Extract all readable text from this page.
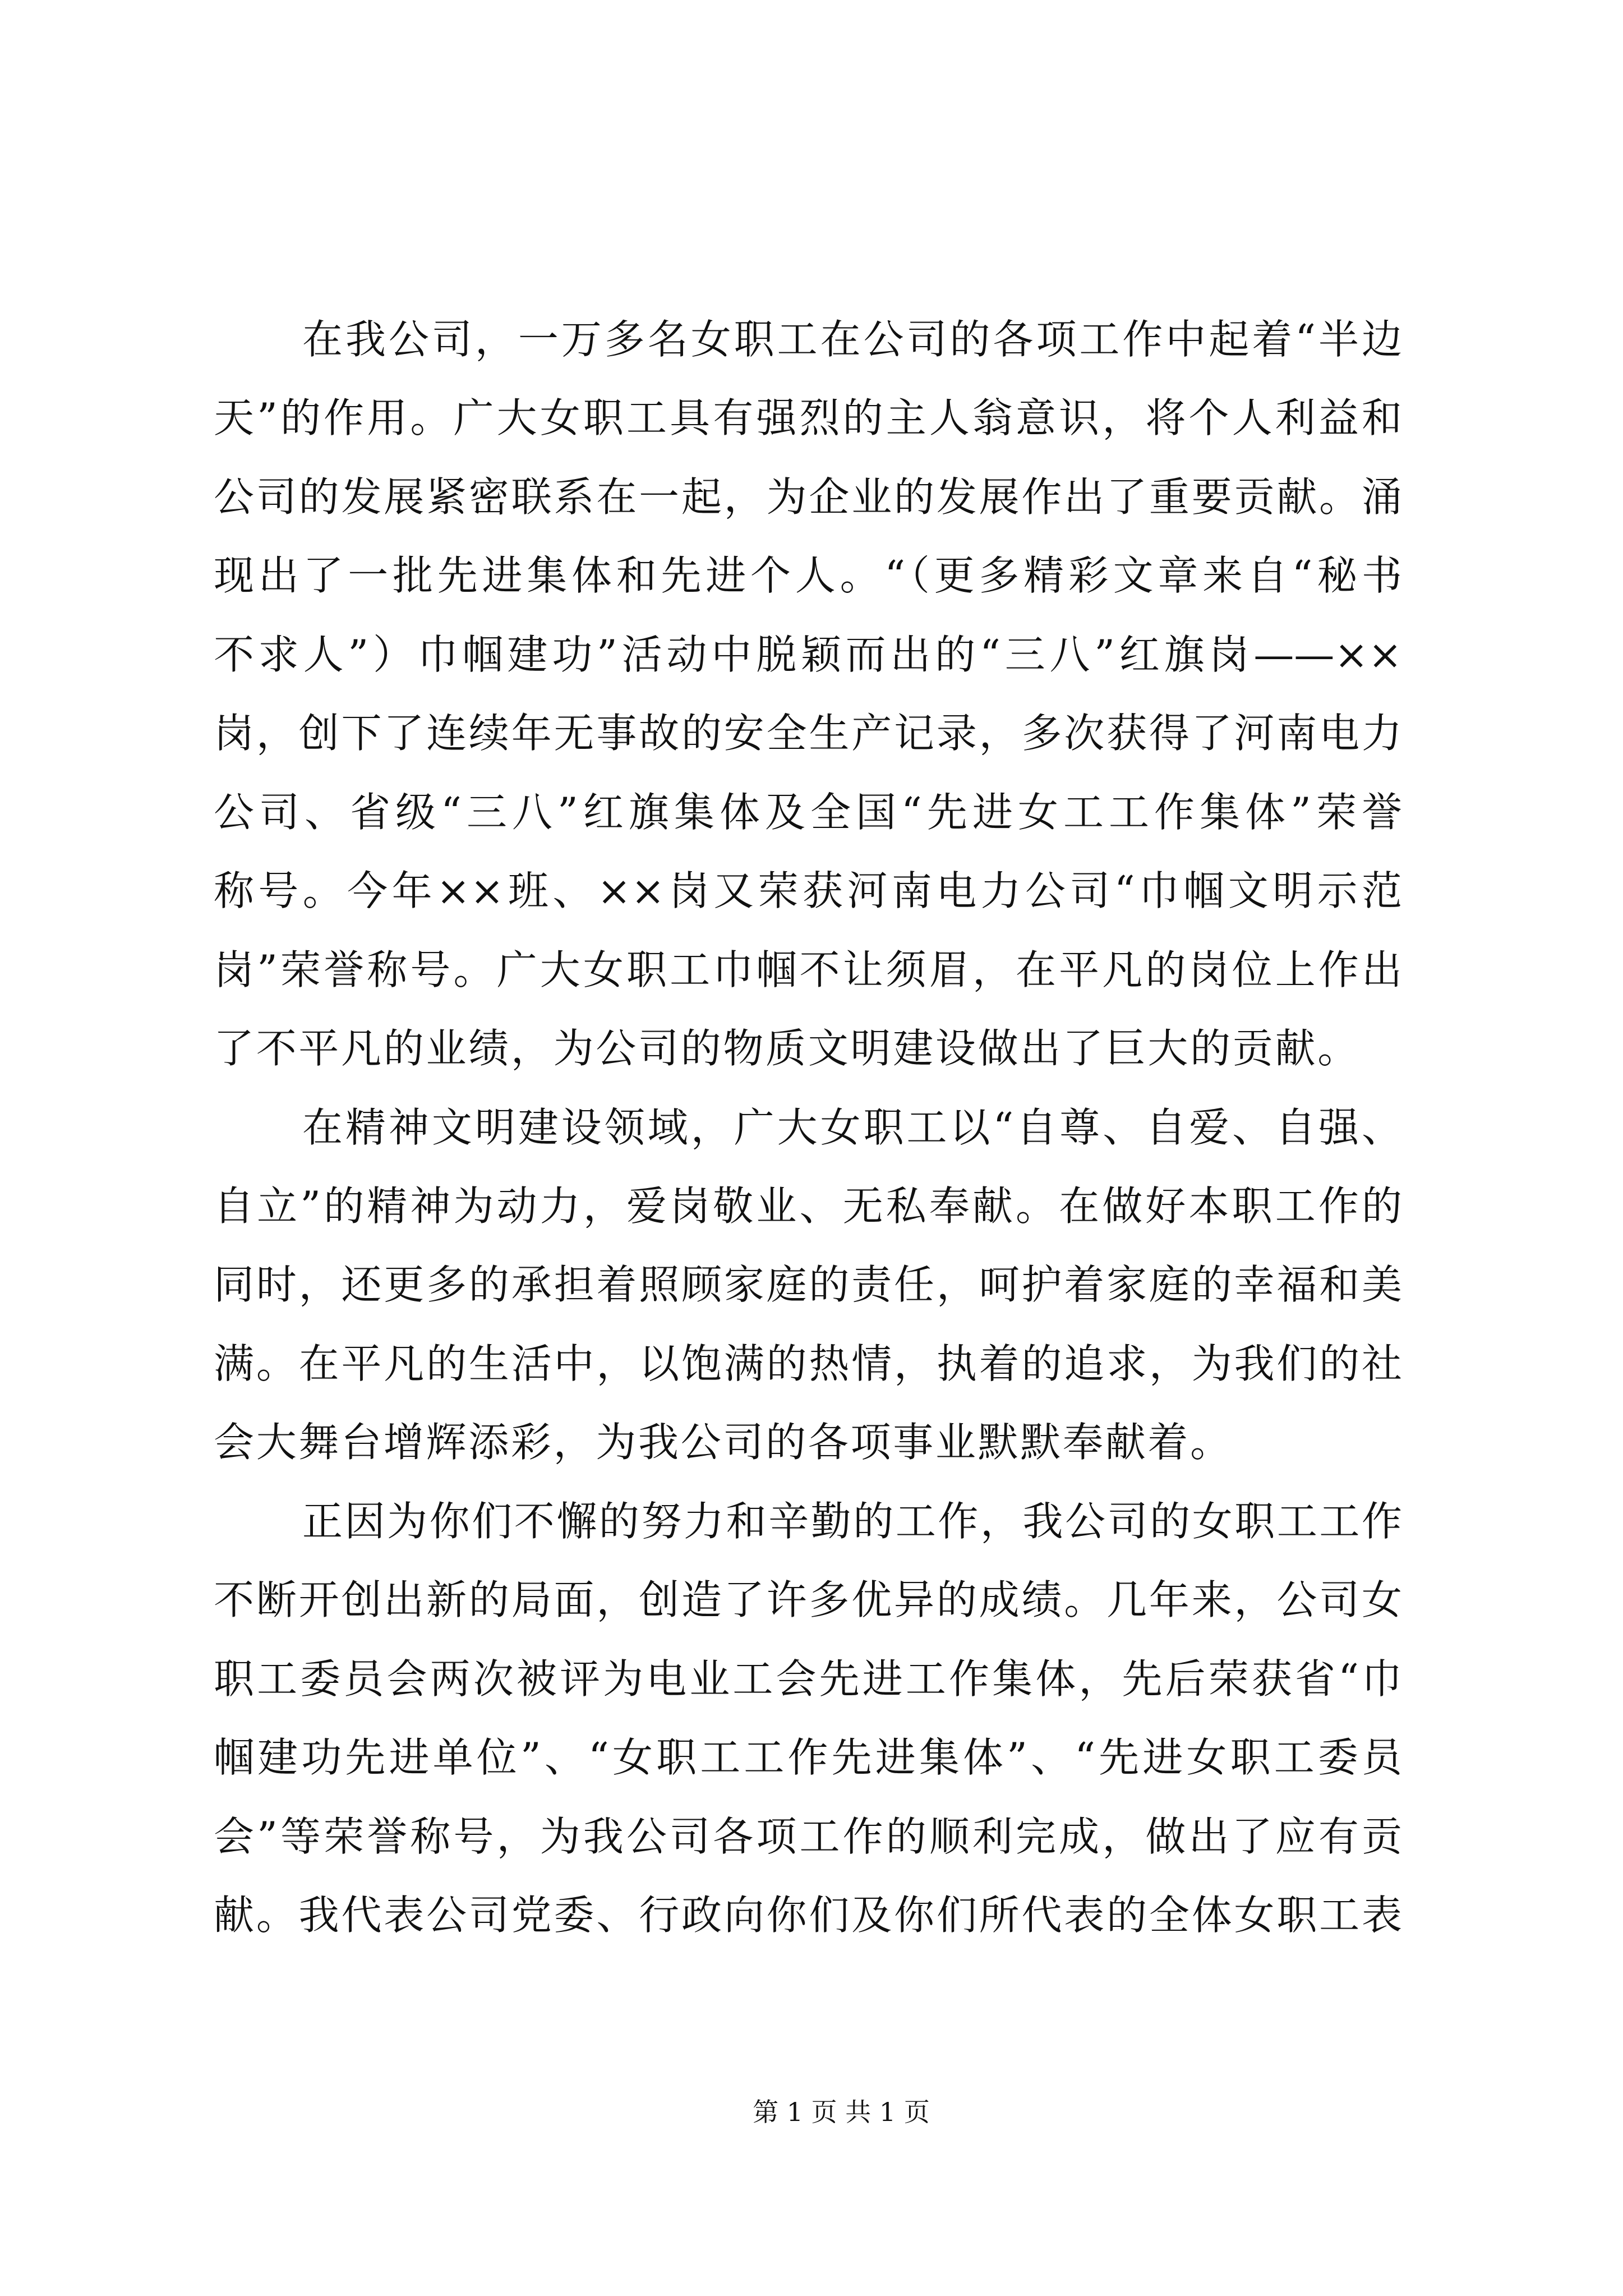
在我公司，一万多名女职工在公司的各项工作中起着“半边
天”的作用。广大女职工具有强烈的主人翁意识，将个人利益和
公司的发展紧密联系在一起，为企业的发展作出了重要贡献。涌
现出了一批先进集体和先进个人。“（更多精彩文章来自“秘书
不求人”）巾帼建功”活动中脱颖而出的“三八”红旗岗——××
岗，创下了连续年无事故的安全生产记录，多次获得了河南电力
公司、省级“三八”红旗集体及全国“先进女工工作集体”荣誉
称号。今年××班、××岗又荣获河南电力公司“巾帼文明示范
岗”荣誉称号。广大女职工巾帼不让须眉，在平凡的岗位上作出
了不平凡的业绩，为公司的物质文明建设做出了巨大的贡献。
在精神文明建设领域，广大女职工以“自尊、自爱、自强、
自立”的精神为动力，爱岗敬业、无私奉献。在做好本职工作的
同时，还更多的承担着照顾家庭的责任，呵护着家庭的幸福和美
满。在平凡的生活中，以饱满的热情，执着的追求，为我们的社
会大舞台增辉添彩，为我公司的各项事业默默奉献着。
正因为你们不懈的努力和辛勤的工作，我公司的女职工工作
不断开创出新的局面，创造了许多优异的成绩。几年来，公司女
职工委员会两次被评为电业工会先进工作集体，先后荣获省“巾
帼建功先进单位”、“女职工工作先进集体”、“先进女职工委员
会”等荣誉称号，为我公司各项工作的顺利完成，做出了应有贡
献。我代表公司党委、行政向你们及你们所代表的全体女职工表
第 1 页 共 1 页
